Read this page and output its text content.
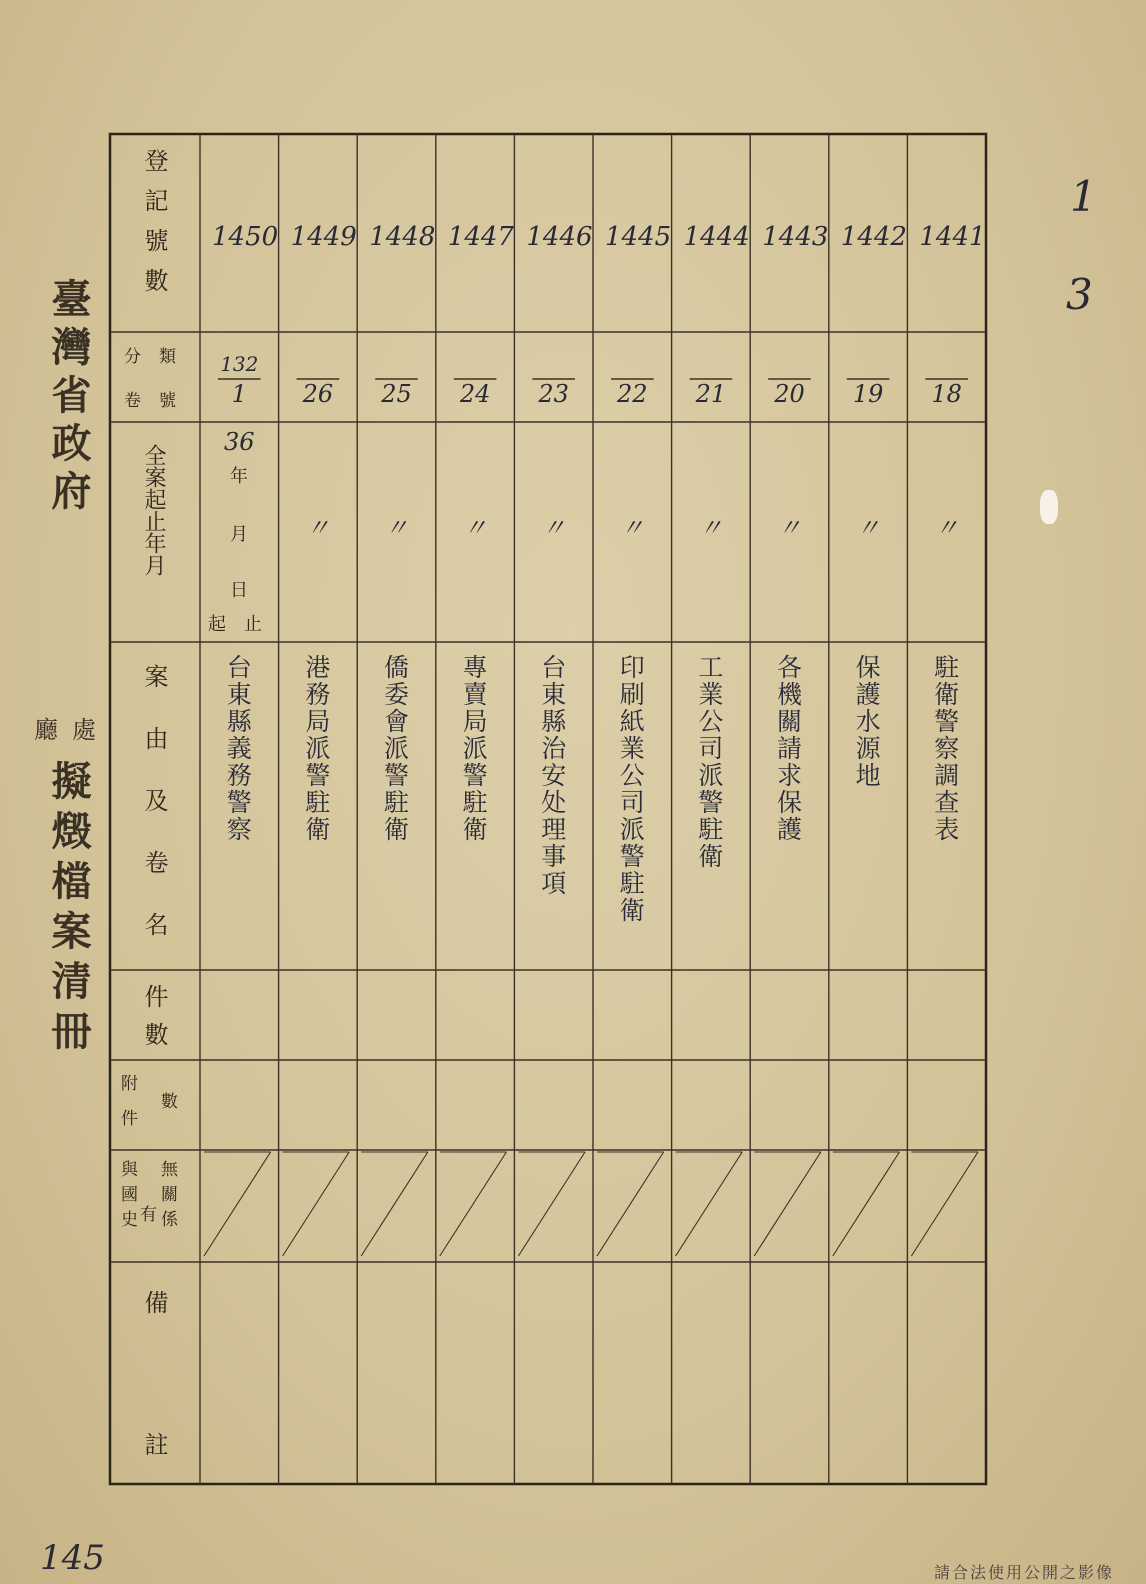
臺灣省政府
廳處
擬燬檔案清冊
1
3
145	請合法使用公開之影像
登記號數
分類
卷號
全案起止年月
案由及卷名
件數
附件 數
與國史 無關係
有
備
註
1441
18
〃
駐衛警察調查表
1442
19
〃
保護水源地
1443
20
〃
各機關請求保護
1444
21
〃
工業公司派警駐衛
1445
22
〃
印刷紙業公司派警駐衛
1446
23
〃
台東縣治安处理事項
1447
24
〃
專賣局派警駐衛
1448
25
〃
僑委會派警駐衛
1449
26
〃
港務局派警駐衛
1450
132
1
36
台東縣義務警察
年
月
日
起 止
